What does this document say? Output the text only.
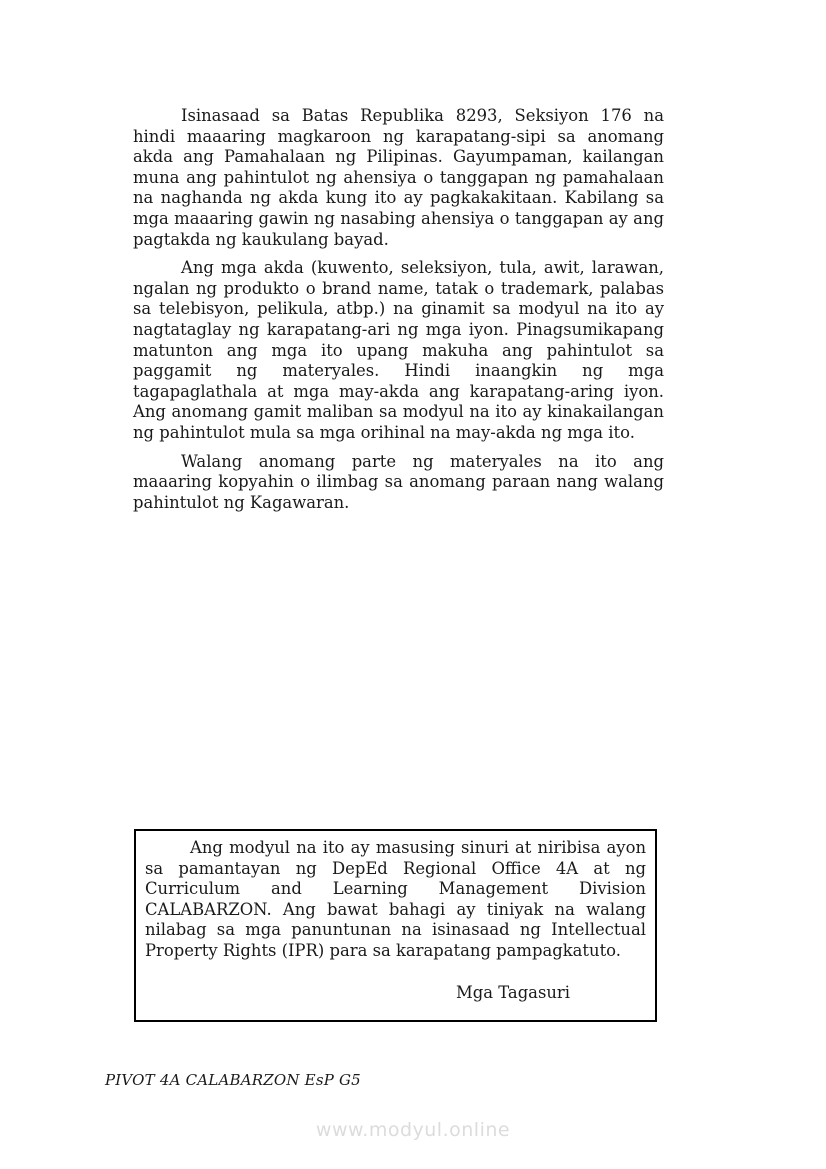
Isinasaad sa Batas Republika 8293, Seksiyon 176 na hindi maaaring magkaroon ng karapatang-sipi sa anomang akda ang Pamahalaan ng Pilipinas. Gayumpaman, kailangan muna ang pahintulot ng ahensiya o tanggapan ng pamahalaan na naghanda ng akda kung ito ay pagkakakitaan. Kabilang sa mga maaaring gawin ng nasabing ahensiya o tanggapan ay ang pagtakda ng kaukulang bayad.

Ang mga akda (kuwento, seleksiyon, tula, awit, larawan, ngalan ng produkto o brand name, tatak o trademark, palabas sa telebisyon, pelikula, atbp.) na ginamit sa modyul na ito ay nagtataglay ng karapatang-ari ng mga iyon. Pinagsumikapang matunton ang mga ito upang makuha ang pahintulot sa paggamit ng materyales. Hindi inaangkin ng mga tagapaglathala at mga may-akda ang karapatang-aring iyon. Ang anomang gamit maliban sa modyul na ito ay kinakailangan ng pahintulot mula sa mga orihinal na may-akda ng mga ito.

Walang anomang parte ng materyales na ito ang maaaring kopyahin o ilimbag sa anomang paraan nang walang pahintulot ng Kagawaran.

Ang modyul na ito ay masusing sinuri at niribisa ayon sa pamantayan ng DepEd Regional Office 4A at ng Curriculum and Learning Management Division CALABARZON. Ang bawat bahagi ay tiniyak na walang nilabag sa mga panuntunan na isinasaad ng Intellectual Property Rights (IPR) para sa karapatang pampagkatuto.

Mga Tagasuri
PIVOT 4A CALABARZON EsP G5
www.modyul.online
